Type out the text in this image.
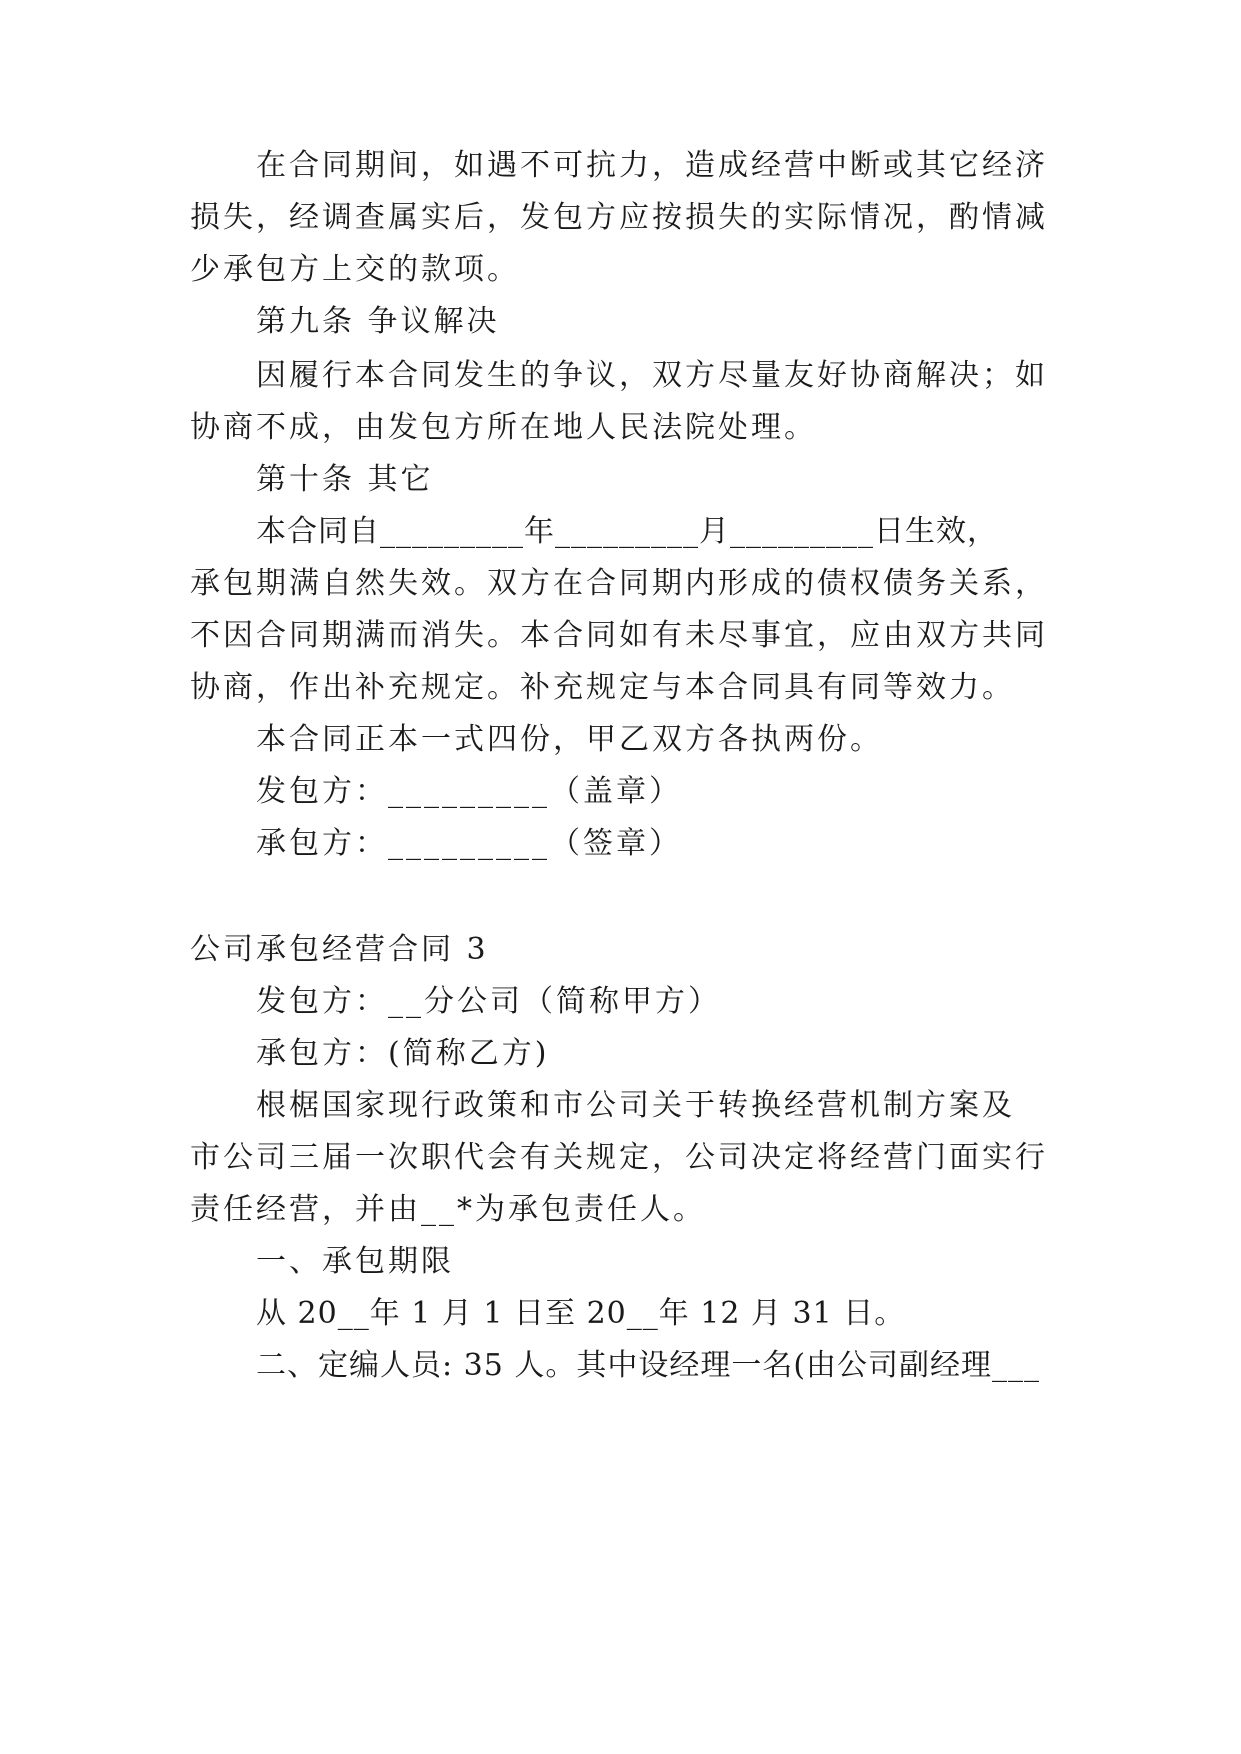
在合同期间，如遇不可抗力，造成经营中断或其它经济
损失，经调查属实后，发包方应按损失的实际情况，酌情减
少承包方上交的款项。
第九条 争议解决
因履行本合同发生的争议，双方尽量友好协商解决；如
协商不成，由发包方所在地人民法院处理。
第十条 其它
本合同自_________年_________月_________日生效，
承包期满自然失效。双方在合同期内形成的债权债务关系，
不因合同期满而消失。本合同如有未尽事宜，应由双方共同
协商，作出补充规定。补充规定与本合同具有同等效力。
本合同正本一式四份，甲乙双方各执两份。
发包方：_________（盖章）
承包方：_________（签章）
公司承包经营合同 3
发包方：__分公司（简称甲方）
承包方：(简称乙方)
根椐国家现行政策和市公司关于转换经营机制方案及
市公司三届一次职代会有关规定，公司决定将经营门面实行
责任经营，并由__*为承包责任人。
一、承包期限
从 20__年 1 月 1 日至 20__年 12 月 31 日。
二、定编人员: 35 人。其中设经理一名(由公司副经理___
